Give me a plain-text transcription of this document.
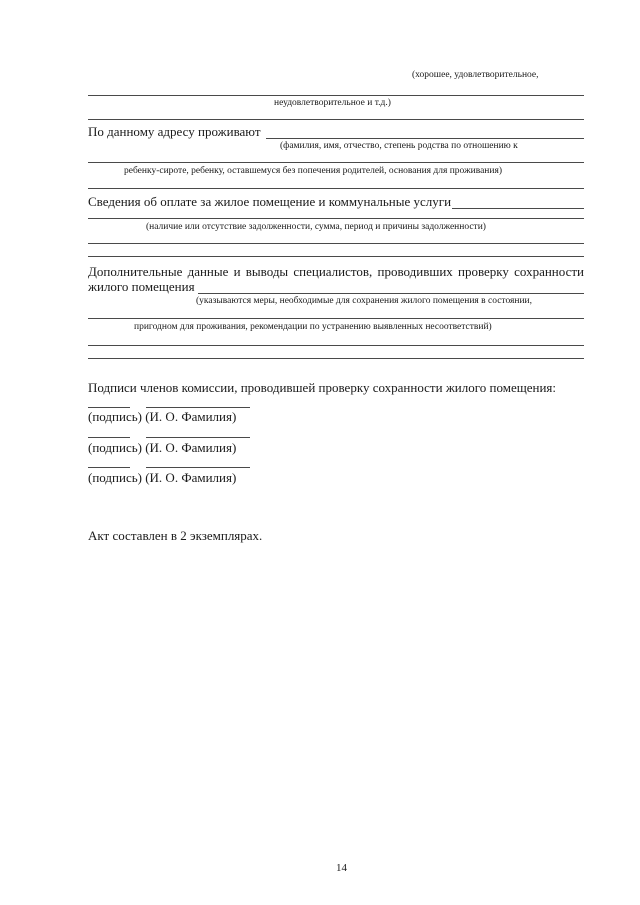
(хорошее, удовлетворительное,
неудовлетворительное и т.д.)
По данному адресу проживают
(фамилия, имя, отчество, степень родства по отношению к
ребенку-сироте, ребенку, оставшемуся без попечения родителей, основания для проживания)
Сведения об оплате за жилое помещение и коммунальные услуги
(наличие или отсутствие задолженности, сумма, период и причины задолженности)
Дополнительные данные и выводы специалистов, проводивших проверку сохранности
жилого помещения
(указываются меры, необходимые для сохранения жилого помещения в состоянии,
пригодном для проживания, рекомендации по устранению выявленных несоответствий)
Подписи членов комиссии, проводившей проверку сохранности жилого помещения:
(подпись) (И. О. Фамилия)
(подпись) (И. О. Фамилия)
(подпись) (И. О. Фамилия)
Акт составлен в 2 экземплярах.
14
